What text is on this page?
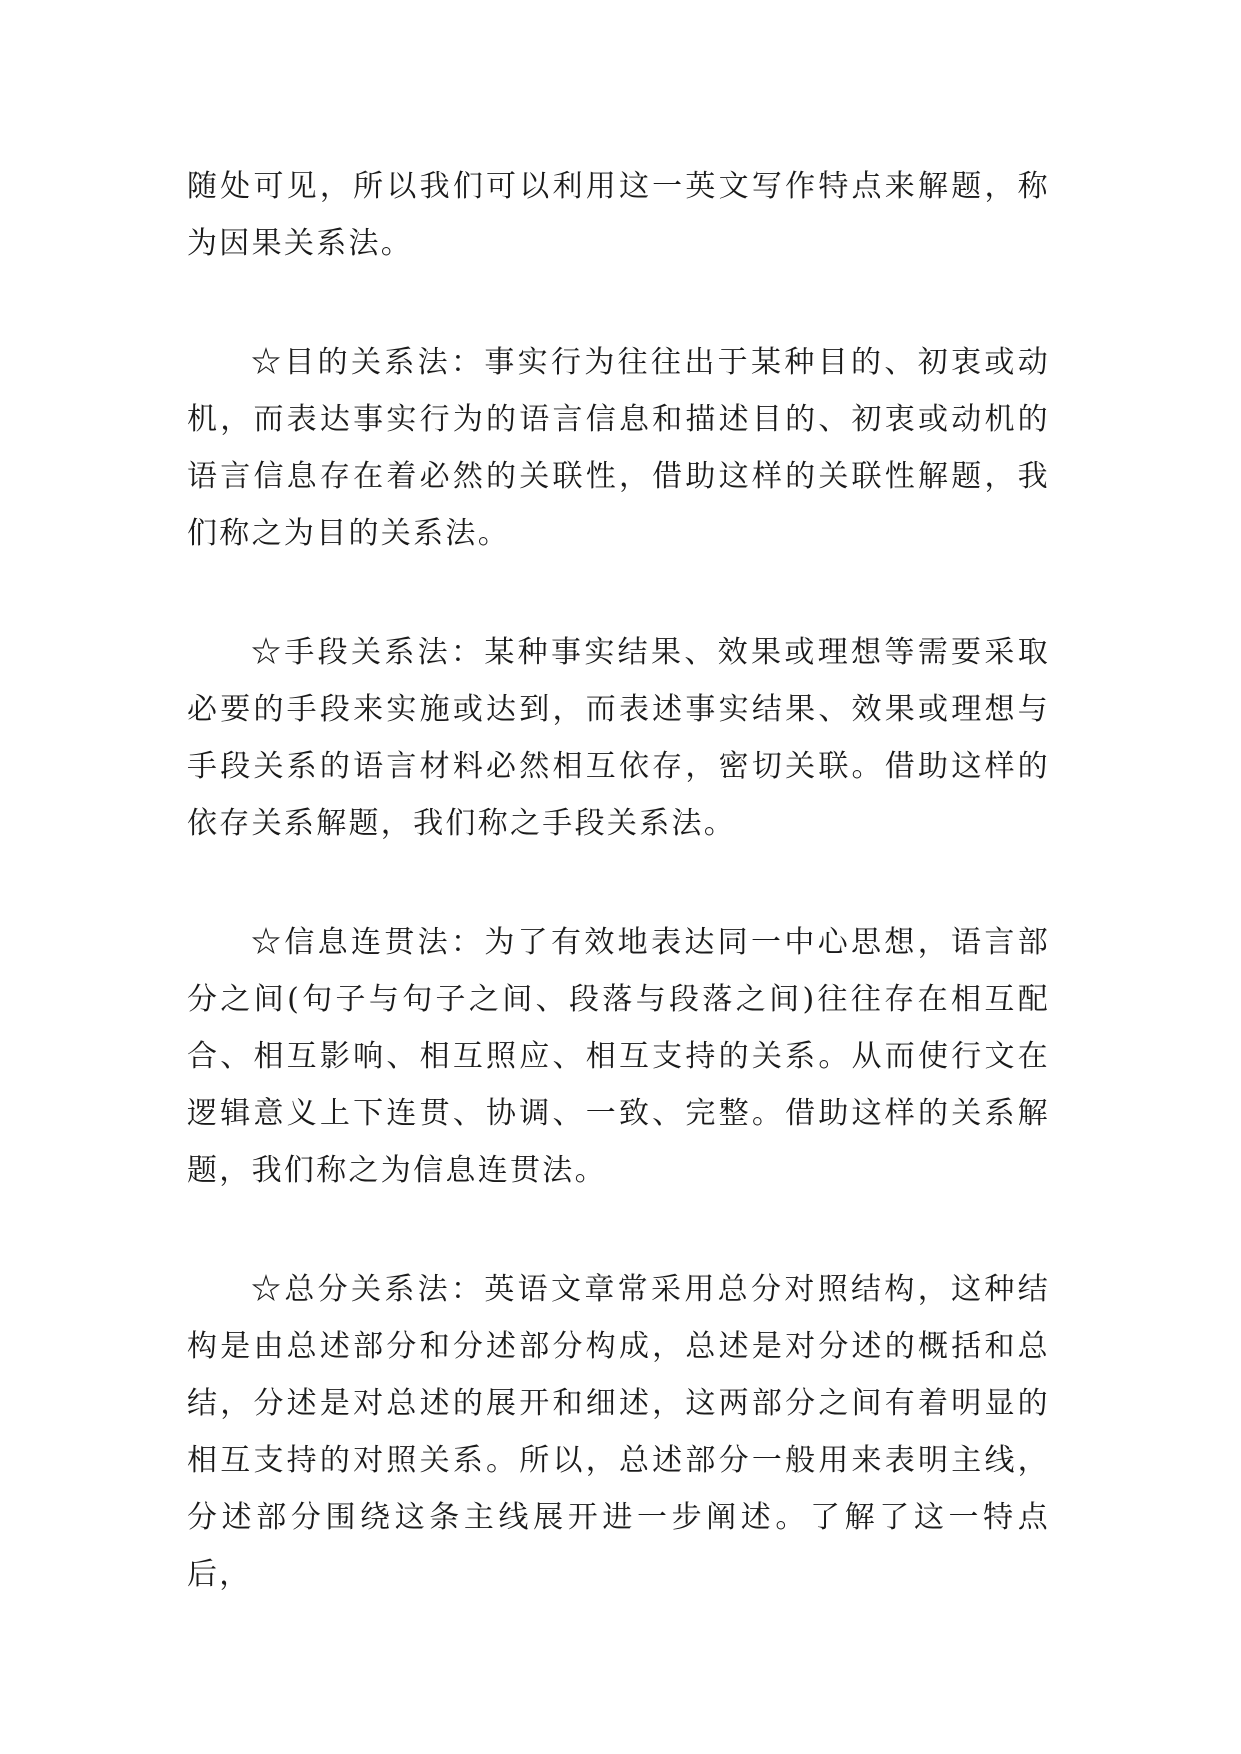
随处可见，所以我们可以利用这一英文写作特点来解题，称为因果关系法。

☆目的关系法：事实行为往往出于某种目的、初衷或动机，而表达事实行为的语言信息和描述目的、初衷或动机的语言信息存在着必然的关联性，借助这样的关联性解题，我们称之为目的关系法。

☆手段关系法：某种事实结果、效果或理想等需要采取必要的手段来实施或达到，而表述事实结果、效果或理想与手段关系的语言材料必然相互依存，密切关联。借助这样的依存关系解题，我们称之手段关系法。

☆信息连贯法：为了有效地表达同一中心思想，语言部分之间(句子与句子之间、段落与段落之间)往往存在相互配合、相互影响、相互照应、相互支持的关系。从而使行文在逻辑意义上下连贯、协调、一致、完整。借助这样的关系解题，我们称之为信息连贯法。

☆总分关系法：英语文章常采用总分对照结构，这种结构是由总述部分和分述部分构成，总述是对分述的概括和总结，分述是对总述的展开和细述，这两部分之间有着明显的相互支持的对照关系。所以，总述部分一般用来表明主线，分述部分围绕这条主线展开进一步阐述。了解了这一特点后，
